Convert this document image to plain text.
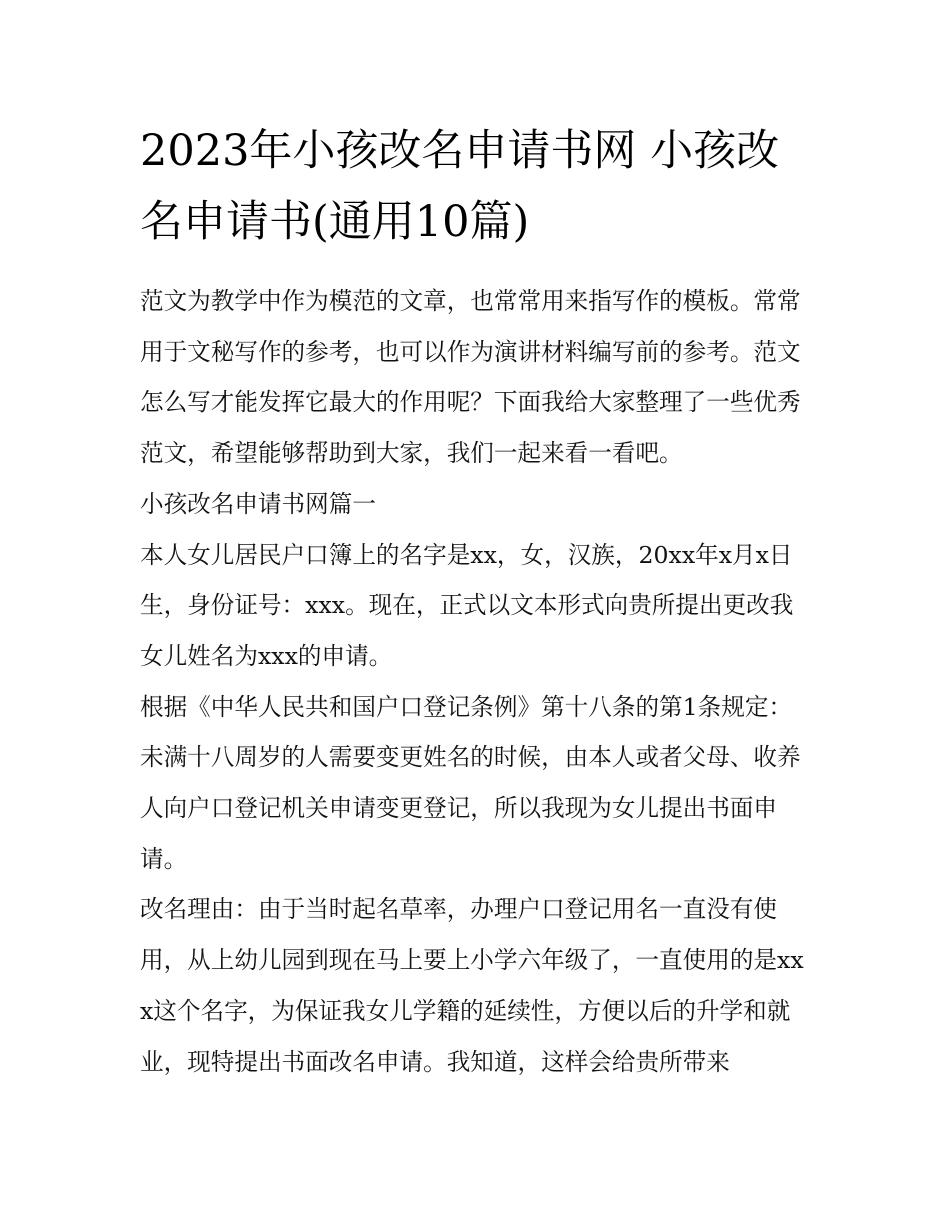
2023年小孩改名申请书网 小孩改名申请书(通用10篇)

范文为教学中作为模范的文章，也常常用来指写作的模板。常常用于文秘写作的参考，也可以作为演讲材料编写前的参考。范文怎么写才能发挥它最大的作用呢？下面我给大家整理了一些优秀范文，希望能够帮助到大家，我们一起来看一看吧。

小孩改名申请书网篇一

本人女儿居民户口簿上的名字是xx，女，汉族，20xx年x月x日生，身份证号：xxx。现在，正式以文本形式向贵所提出更改我女儿姓名为xxx的申请。

根据《中华人民共和国户口登记条例》第十八条的第1条规定：未满十八周岁的人需要变更姓名的时候，由本人或者父母、收养人向户口登记机关申请变更登记，所以我现为女儿提出书面申请。

改名理由：由于当时起名草率，办理户口登记用名一直没有使用，从上幼儿园到现在马上要上小学六年级了，一直使用的是xxx这个名字，为保证我女儿学籍的延续性，方便以后的升学和就业，现特提出书面改名申请。我知道，这样会给贵所带来
